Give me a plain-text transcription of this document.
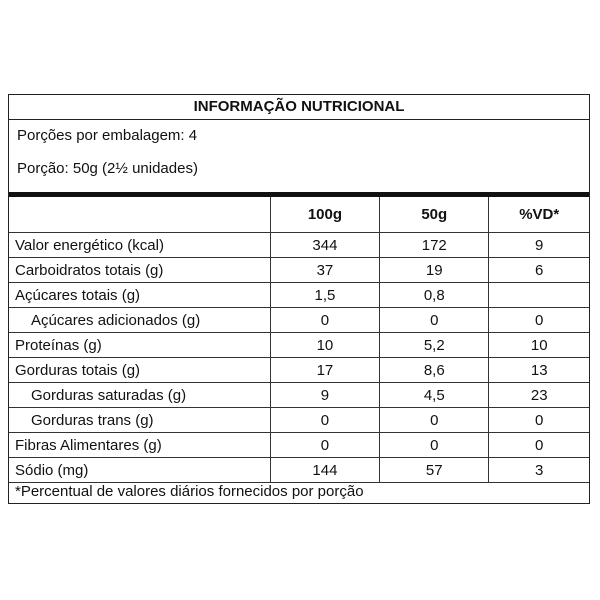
INFORMAÇÃO NUTRICIONAL
Porções por embalagem: 4
Porção: 50g (2½ unidades)
	100g	50g	%VD*
Valor energético (kcal)	344	172	9
Carboidratos totais (g)	37	19	6
Açúcares totais (g)	1,5	0,8	
Açúcares adicionados (g)	0	0	0
Proteínas (g)	10	5,2	10
Gorduras totais (g)	17	8,6	13
Gorduras saturadas (g)	9	4,5	23
Gorduras trans (g)	0	0	0
Fibras Alimentares (g)	0	0	0
Sódio (mg)	144	57	3
*Percentual de valores diários fornecidos por porção
